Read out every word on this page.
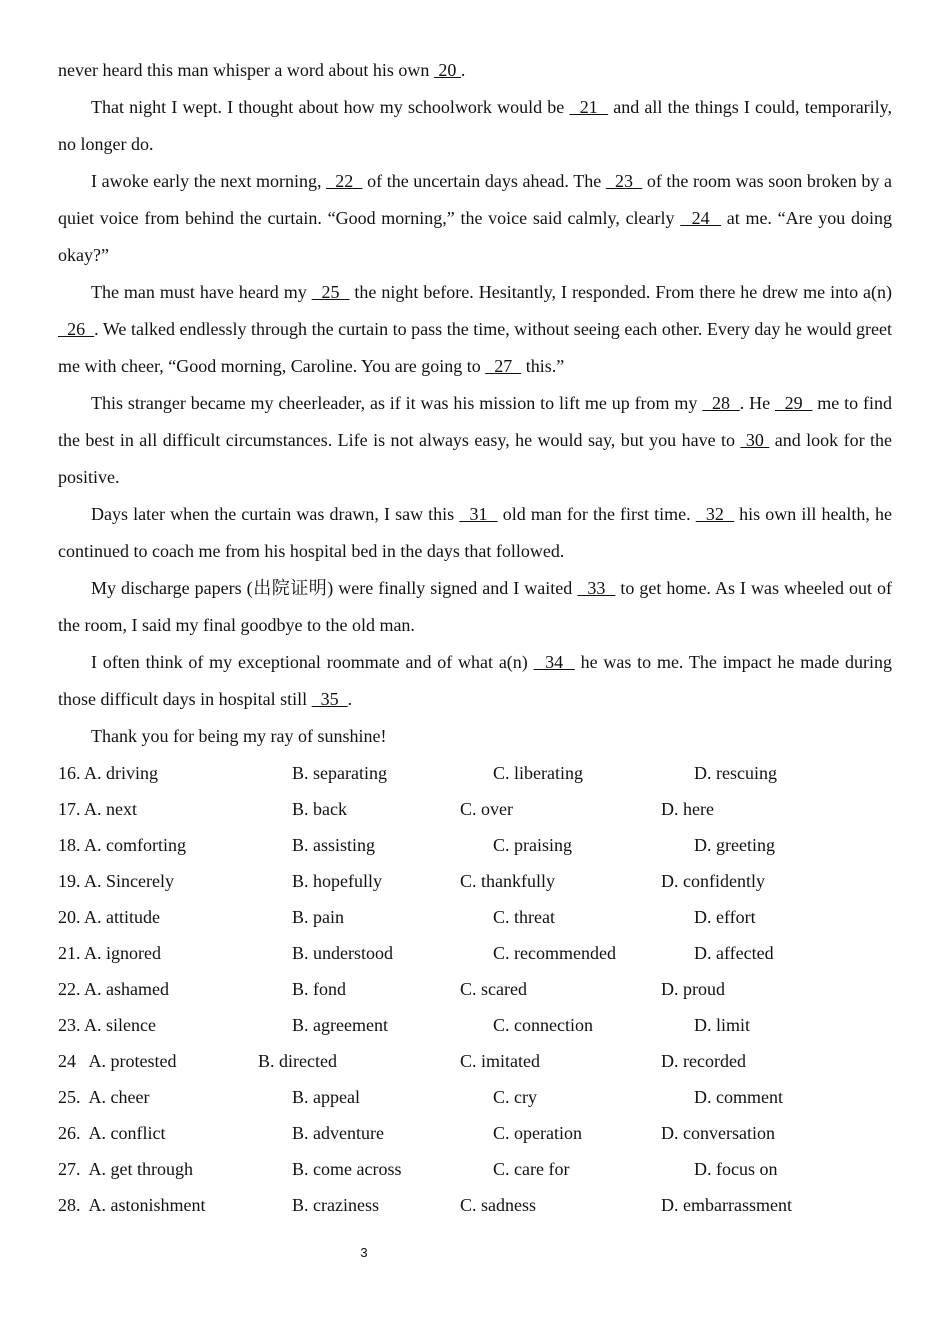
never heard this man whisper a word about his own  20 .

That night I wept. I thought about how my schoolwork would be   21   and all the things I could, temporarily, no longer do.

I awoke early the next morning,   22   of the uncertain days ahead. The   23   of the room was soon broken by a quiet voice from behind the curtain. “Good morning,” the voice said calmly, clearly   24   at me. “Are you doing okay?”

The man must have heard my   25   the night before. Hesitantly, I responded. From there he drew me into a(n)   26  . We talked endlessly through the curtain to pass the time, without seeing each other. Every day he would greet me with cheer, “Good morning, Caroline. You are going to   27   this.”

This stranger became my cheerleader, as if it was his mission to lift me up from my   28  . He   29   me to find the best in all difficult circumstances. Life is not always easy, he would say, but you have to  30  and look for the positive.

Days later when the curtain was drawn, I saw this   31   old man for the first time.   32   his own ill health, he continued to coach me from his hospital bed in the days that followed.

My discharge papers (出院证明) were finally signed and I waited   33   to get home. As I was wheeled out of the room, I said my final goodbye to the old man.

I often think of my exceptional roommate and of what a(n)   34   he was to me. The impact he made during those difficult days in hospital still   35  .

Thank you for being my ray of sunshine!

16. A. driving	B. separating	C. liberating	D. rescuing
17. A. next	B. back	C. over	D. here
18. A. comforting	B. assisting	C. praising	D. greeting
19. A. Sincerely	B. hopefully	C. thankfully	D. confidently
20. A. attitude	B. pain	C. threat	D. effort
21. A. ignored	B. understood	C. recommended	D. affected
22. A. ashamed	B. fond	C. scared	D. proud
23. A. silence	B. agreement	C. connection	D. limit
24   A. protested	B. directed	C. imitated	D. recorded
25.  A. cheer	B. appeal	C. cry	D. comment
26.  A. conflict	B. adventure	C. operation	D. conversation
27.  A. get through	B. come across	C. care for	D. focus on
28.  A. astonishment	B. craziness	C. sadness	D. embarrassment
3
